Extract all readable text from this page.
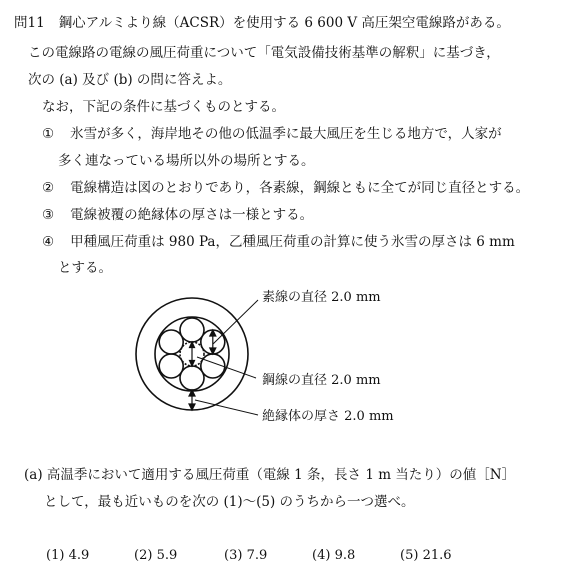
問11 鋼心アルミより線（ACSR）を使用する 6 600 V 高圧架空電線路がある。
この電線路の電線の風圧荷重について「電気設備技術基準の解釈」に基づき，
次の (a) 及び (b) の問に答えよ。
なお，下記の条件に基づくものとする。
① 氷雪が多く，海岸地その他の低温季に最大風圧を生じる地方で，人家が
多く連なっている場所以外の場所とする。
② 電線構造は図のとおりであり，各素線，鋼線ともに全てが同じ直径とする。
③ 電線被覆の絶縁体の厚さは一様とする。
④ 甲種風圧荷重は 980 Pa，乙種風圧荷重の計算に使う氷雪の厚さは 6 mm
とする。
素線の直径 2.0 mm
鋼線の直径 2.0 mm
絶縁体の厚さ 2.0 mm
(a) 高温季において適用する風圧荷重（電線 1 条，長さ 1 m 当たり）の値［N］
として，最も近いものを次の (1)～(5) のうちから一つ選べ。
(1) 4.9	(2) 5.9	(3) 7.9	(4) 9.8	(5) 21.6
